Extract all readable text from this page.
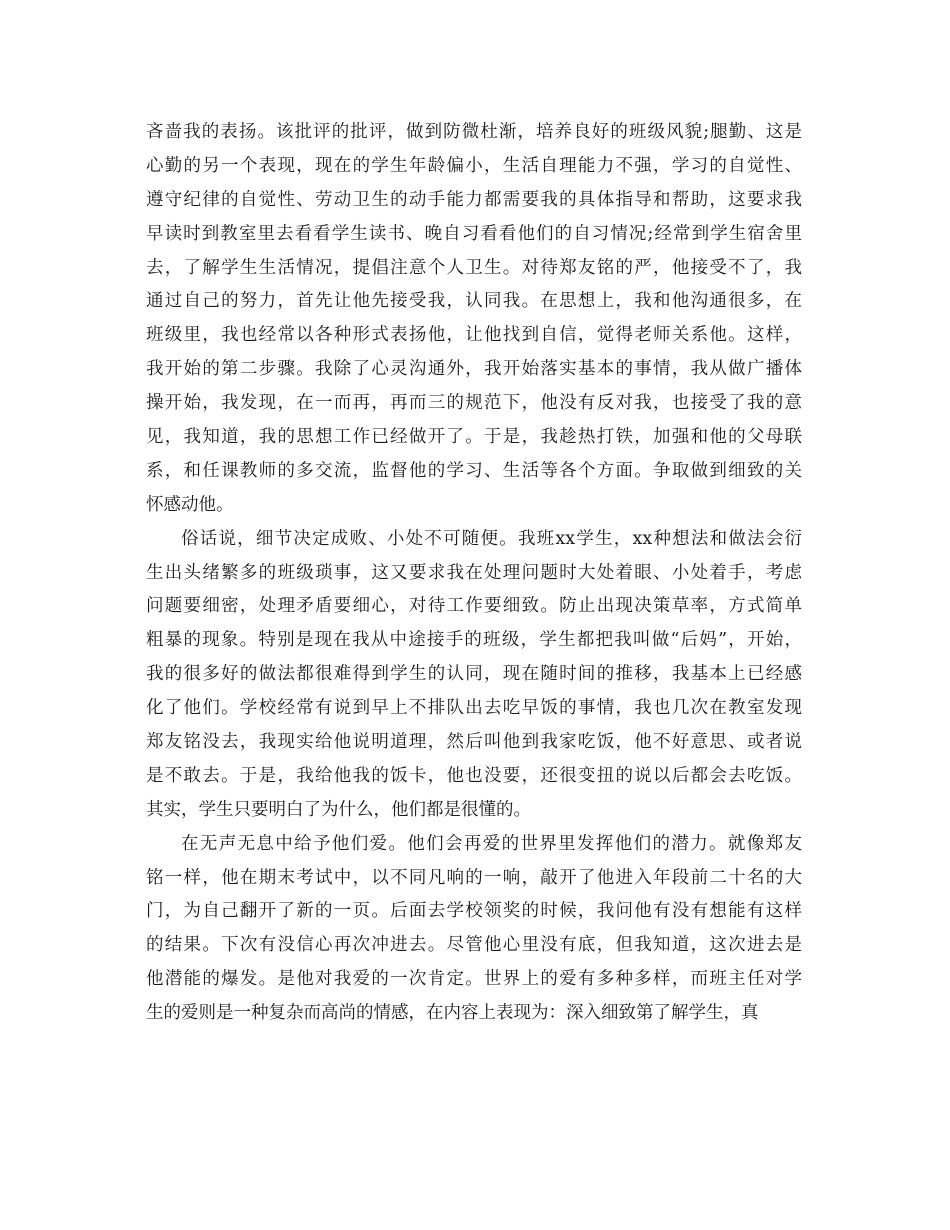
吝啬我的表扬。该批评的批评，做到防微杜渐，培养良好的班级风貌;腿勤、这是
心勤的另一个表现，现在的学生年龄偏小，生活自理能力不强，学习的自觉性、
遵守纪律的自觉性、劳动卫生的动手能力都需要我的具体指导和帮助，这要求我
早读时到教室里去看看学生读书、晚自习看看他们的自习情况;经常到学生宿舍里
去，了解学生生活情况，提倡注意个人卫生。对待郑友铭的严，他接受不了，我
通过自己的努力，首先让他先接受我，认同我。在思想上，我和他沟通很多，在
班级里，我也经常以各种形式表扬他，让他找到自信，觉得老师关系他。这样，
我开始的第二步骤。我除了心灵沟通外，我开始落实基本的事情，我从做广播体
操开始，我发现，在一而再，再而三的规范下，他没有反对我，也接受了我的意
见，我知道，我的思想工作已经做开了。于是，我趁热打铁，加强和他的父母联
系，和任课教师的多交流，监督他的学习、生活等各个方面。争取做到细致的关
怀感动他。
俗话说，细节决定成败、小处不可随便。我班xx学生，xx种想法和做法会衍
生出头绪繁多的班级琐事，这又要求我在处理问题时大处着眼、小处着手，考虑
问题要细密，处理矛盾要细心，对待工作要细致。防止出现决策草率，方式简单
粗暴的现象。特别是现在我从中途接手的班级，学生都把我叫做“后妈”，开始，
我的很多好的做法都很难得到学生的认同，现在随时间的推移，我基本上已经感
化了他们。学校经常有说到早上不排队出去吃早饭的事情，我也几次在教室发现
郑友铭没去，我现实给他说明道理，然后叫他到我家吃饭，他不好意思、或者说
是不敢去。于是，我给他我的饭卡，他也没要，还很变扭的说以后都会去吃饭。
其实，学生只要明白了为什么，他们都是很懂的。
在无声无息中给予他们爱。他们会再爱的世界里发挥他们的潜力。就像郑友
铭一样，他在期末考试中，以不同凡响的一响，敲开了他进入年段前二十名的大
门，为自己翻开了新的一页。后面去学校领奖的时候，我问他有没有想能有这样
的结果。下次有没信心再次冲进去。尽管他心里没有底，但我知道，这次进去是
他潜能的爆发。是他对我爱的一次肯定。世界上的爱有多种多样，而班主任对学
生的爱则是一种复杂而高尚的情感，在内容上表现为：深入细致第了解学生，真
